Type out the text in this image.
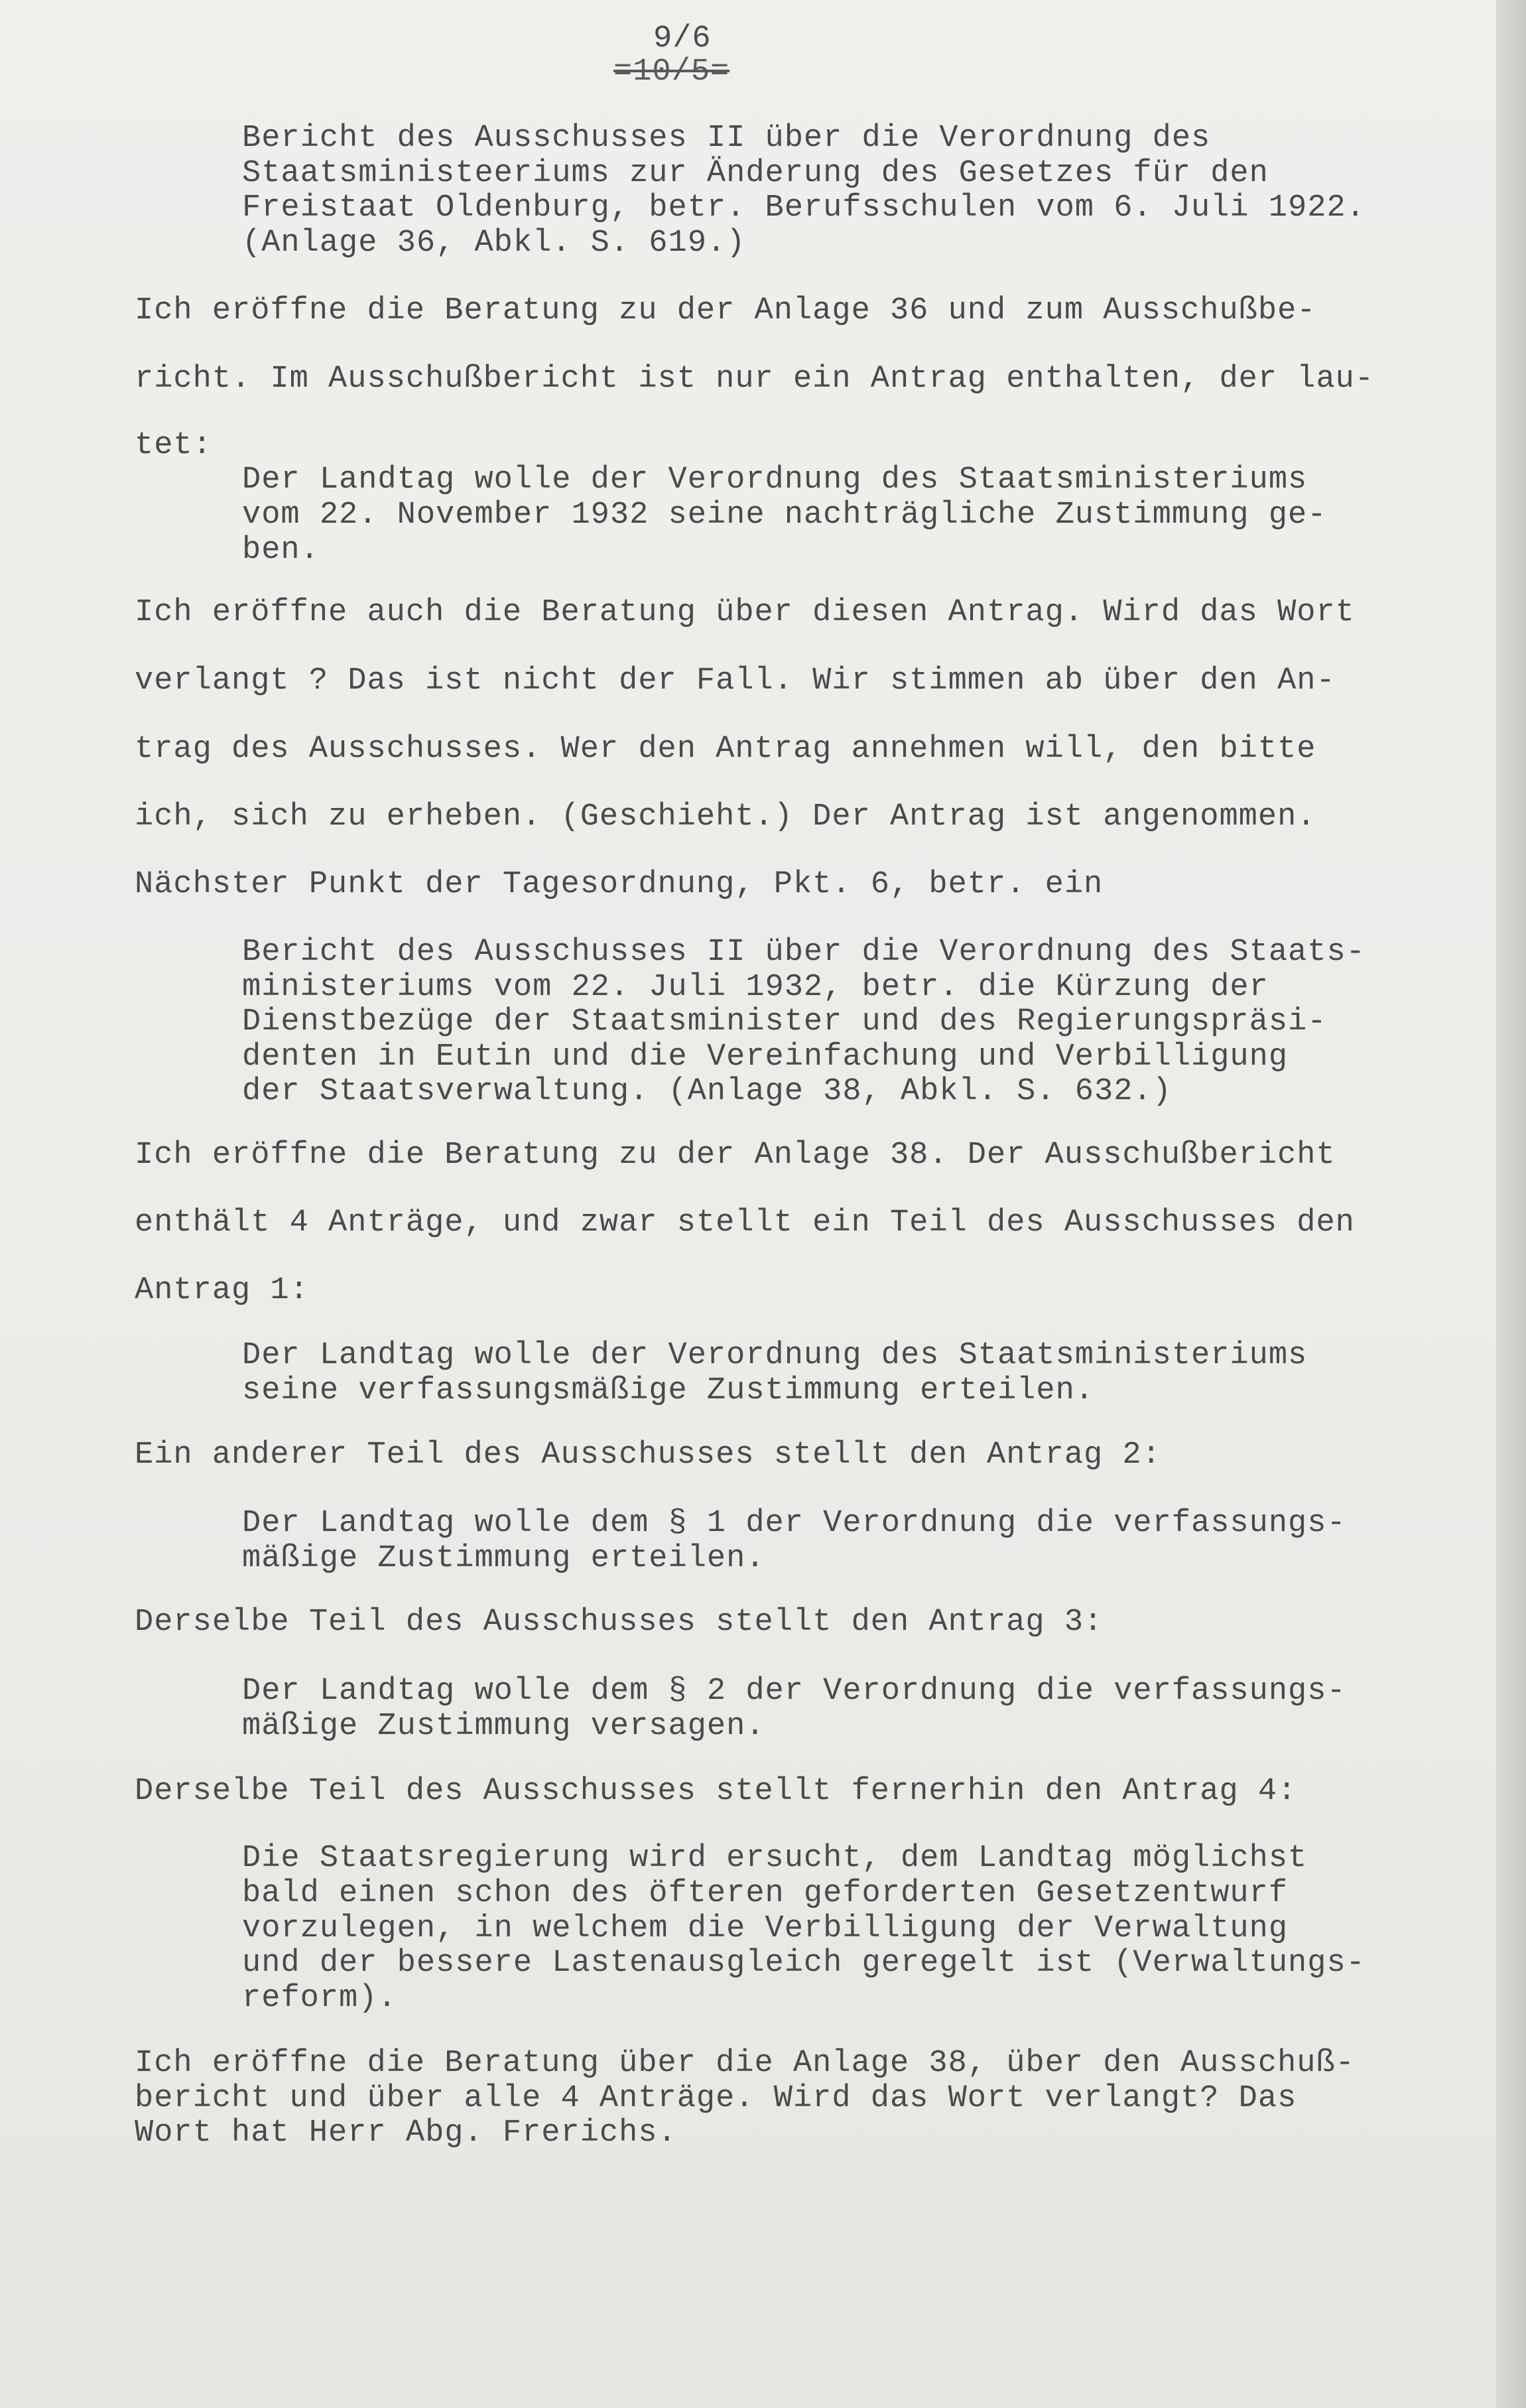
9/6
=10/5=
Bericht des Ausschusses II über die Verordnung des
Staatsministeeriums zur Änderung des Gesetzes für den
Freistaat Oldenburg, betr. Berufsschulen vom 6. Juli 1922.
(Anlage 36, Abkl. S. 619.)
Ich eröffne die Beratung zu der Anlage 36 und zum Ausschußbe-
richt. Im Ausschußbericht ist nur ein Antrag enthalten, der lau-
tet:
Der Landtag wolle der Verordnung des Staatsministeriums
vom 22. November 1932 seine nachträgliche Zustimmung ge-
ben.
Ich eröffne auch die Beratung über diesen Antrag. Wird das Wort
verlangt ? Das ist nicht der Fall. Wir stimmen ab über den An-
trag des Ausschusses. Wer den Antrag annehmen will, den bitte
ich, sich zu erheben. (Geschieht.) Der Antrag ist angenommen.
Nächster Punkt der Tagesordnung, Pkt. 6, betr. ein
Bericht des Ausschusses II über die Verordnung des Staats-
ministeriums vom 22. Juli 1932, betr. die Kürzung der
Dienstbezüge der Staatsminister und des Regierungspräsi-
denten in Eutin und die Vereinfachung und Verbilligung
der Staatsverwaltung. (Anlage 38, Abkl. S. 632.)
Ich eröffne die Beratung zu der Anlage 38. Der Ausschußbericht
enthält 4 Anträge, und zwar stellt ein Teil des Ausschusses den
Antrag 1:
Der Landtag wolle der Verordnung des Staatsministeriums
seine verfassungsmäßige Zustimmung erteilen.
Ein anderer Teil des Ausschusses stellt den Antrag 2:
Der Landtag wolle dem § 1 der Verordnung die verfassungs-
mäßige Zustimmung erteilen.
Derselbe Teil des Ausschusses stellt den Antrag 3:
Der Landtag wolle dem § 2 der Verordnung die verfassungs-
mäßige Zustimmung versagen.
Derselbe Teil des Ausschusses stellt fernerhin den Antrag 4:
Die Staatsregierung wird ersucht, dem Landtag möglichst
bald einen schon des öfteren geforderten Gesetzentwurf
vorzulegen, in welchem die Verbilligung der Verwaltung
und der bessere Lastenausgleich geregelt ist (Verwaltungs-
reform).
Ich eröffne die Beratung über die Anlage 38, über den Ausschuß-
bericht und über alle 4 Anträge. Wird das Wort verlangt? Das
Wort hat Herr Abg. Frerichs.
